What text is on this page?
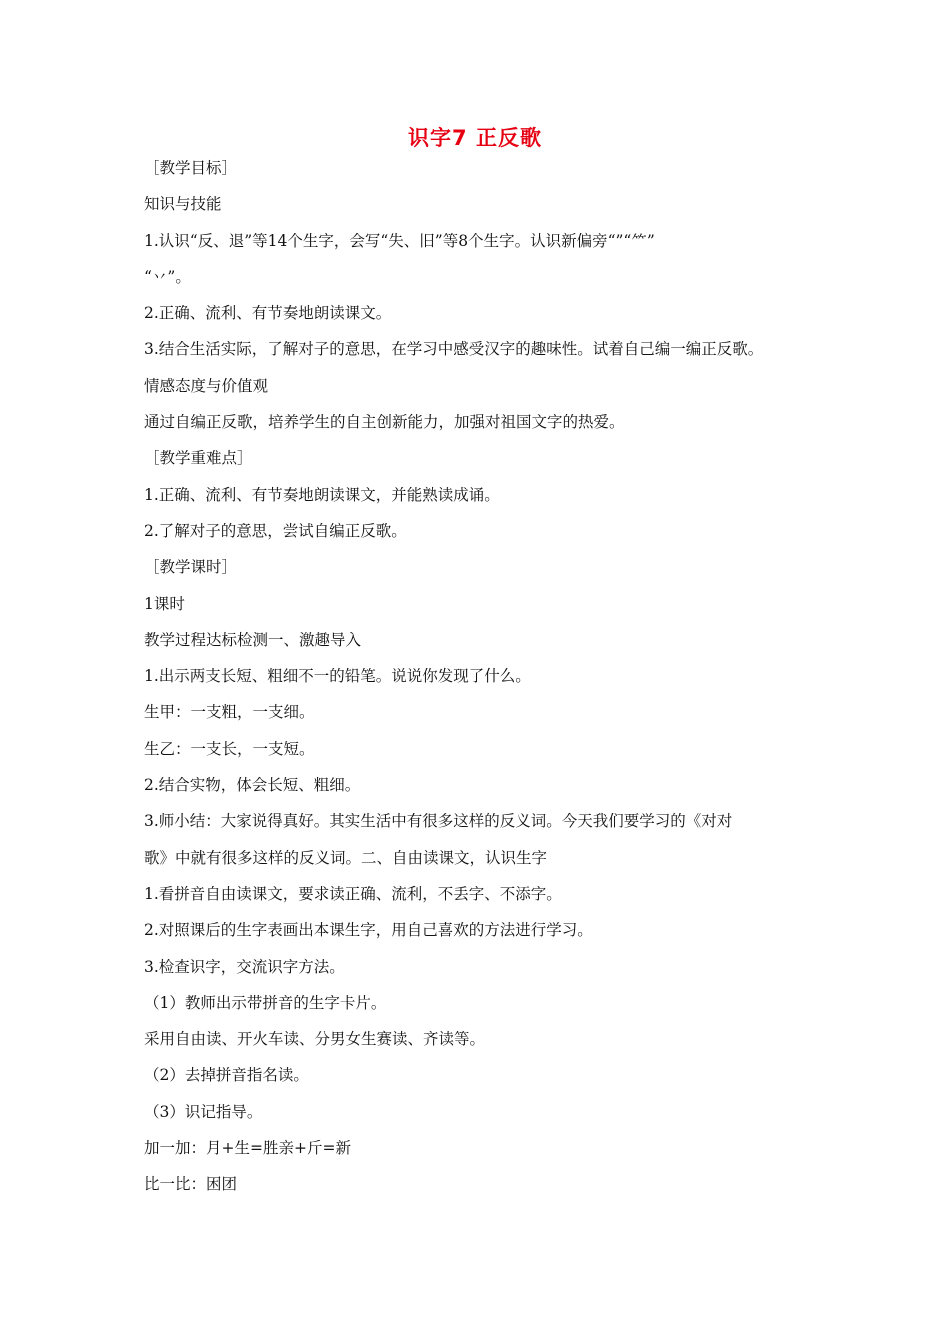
识字7 正反歌
［教学目标］
知识与技能
1.认识“反、退”等14个生字，会写“失、旧”等8个生字。认识新偏旁“”“⺮”
“丷”。
2.正确、流利、有节奏地朗读课文。
3.结合生活实际，了解对子的意思，在学习中感受汉字的趣味性。试着自己编一编正反歌。
情感态度与价值观
通过自编正反歌，培养学生的自主创新能力，加强对祖国文字的热爱。
［教学重难点］
1.正确、流利、有节奏地朗读课文，并能熟读成诵。
2.了解对子的意思，尝试自编正反歌。
［教学课时］
1课时
教学过程达标检测一、激趣导入
1.出示两支长短、粗细不一的铅笔。说说你发现了什么。
生甲：一支粗，一支细。
生乙：一支长，一支短。
2.结合实物，体会长短、粗细。
3.师小结：大家说得真好。其实生活中有很多这样的反义词。今天我们要学习的《对对
歌》中就有很多这样的反义词。二、自由读课文，认识生字
1.看拼音自由读课文，要求读正确、流利，不丢字、不添字。
2.对照课后的生字表画出本课生字，用自己喜欢的方法进行学习。
3.检查识字，交流识字方法。
（1）教师出示带拼音的生字卡片。
采用自由读、开火车读、分男女生赛读、齐读等。
（2）去掉拼音指名读。
（3）识记指导。
加一加：月+生=胜亲+斤=新
比一比：困团
